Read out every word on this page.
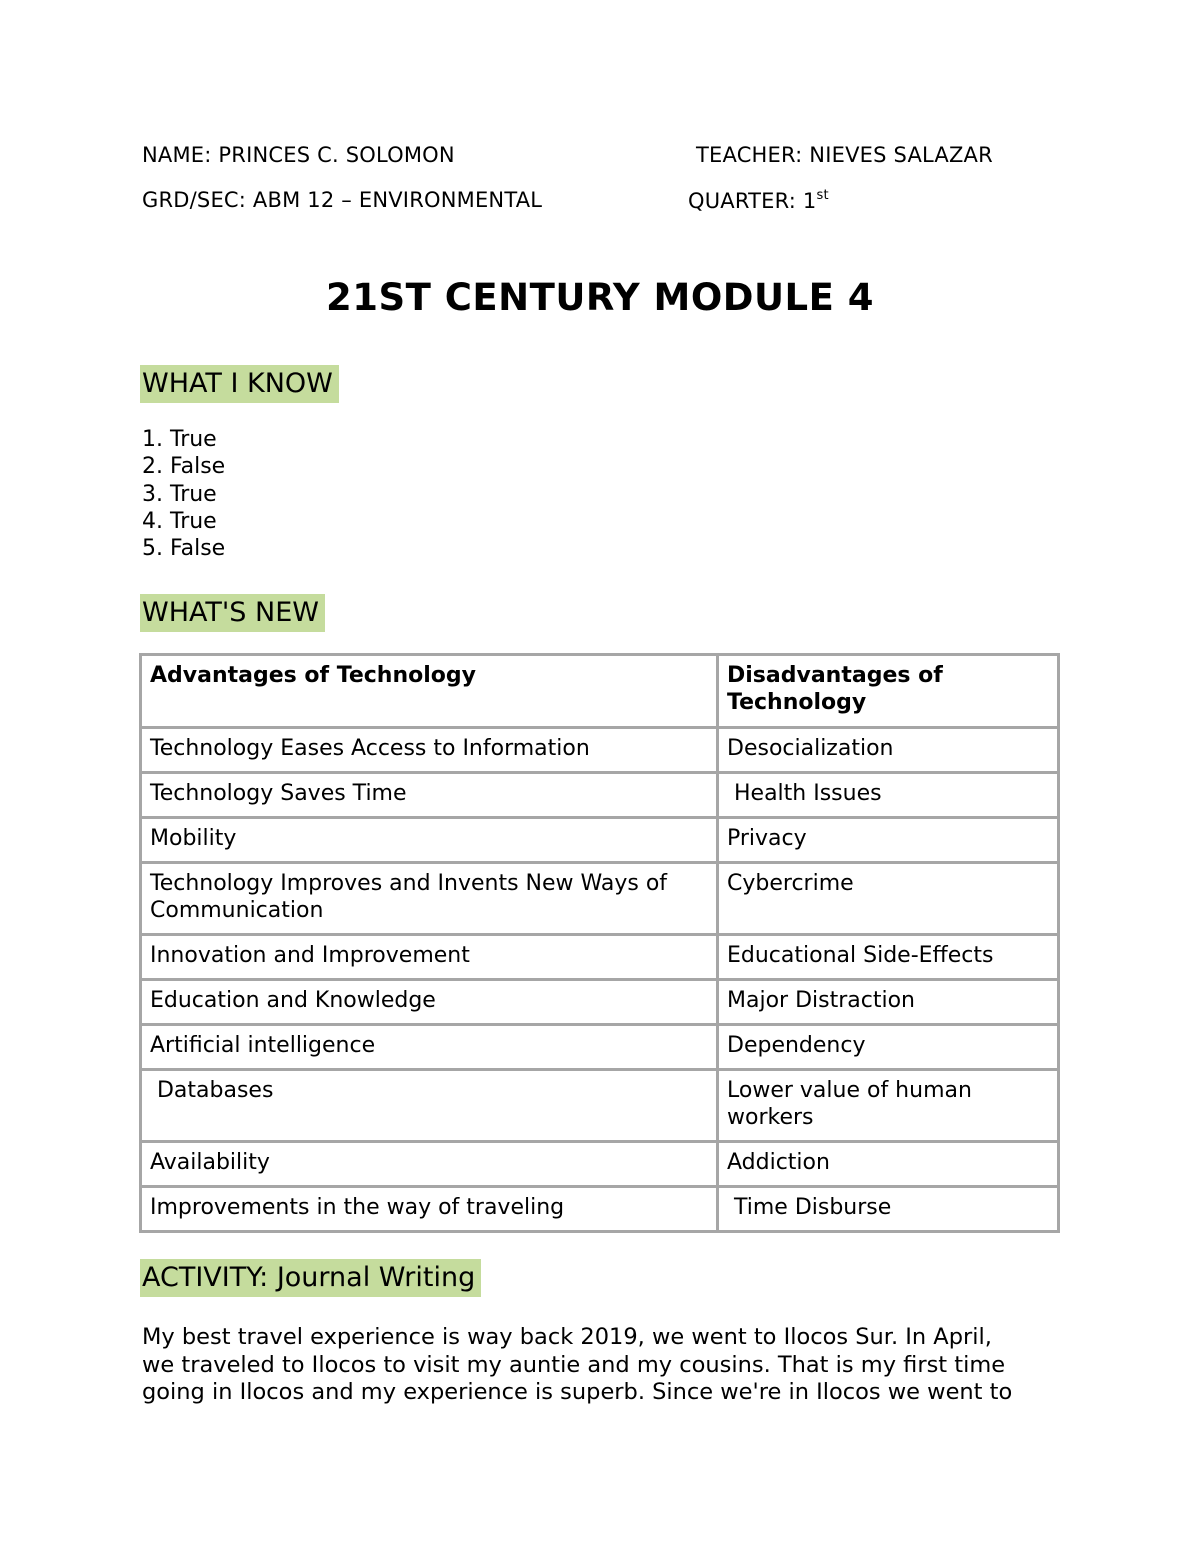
NAME: PRINCES C. SOLOMON	TEACHER: NIEVES SALAZAR
GRD/SEC: ABM 12 – ENVIRONMENTAL	QUARTER: 1st
21ST CENTURY MODULE 4
WHAT I KNOW
1. True
2. False
3. True
4. True
5. False
WHAT'S NEW
Advantages of Technology	Disadvantages of Technology
Technology Eases Access to Information	Desocialization
Technology Saves Time	Health Issues
Mobility	Privacy
Technology Improves and Invents New Ways of Communication	Cybercrime
Innovation and Improvement	Educational Side-Effects
Education and Knowledge	Major Distraction
Artificial intelligence	Dependency
Databases	Lower value of human workers
Availability	Addiction
Improvements in the way of traveling	Time Disburse
ACTIVITY: Journal Writing
My best travel experience is way back 2019, we went to Ilocos Sur. In April,
we traveled to Ilocos to visit my auntie and my cousins. That is my first time
going in Ilocos and my experience is superb. Since we're in Ilocos we went to
